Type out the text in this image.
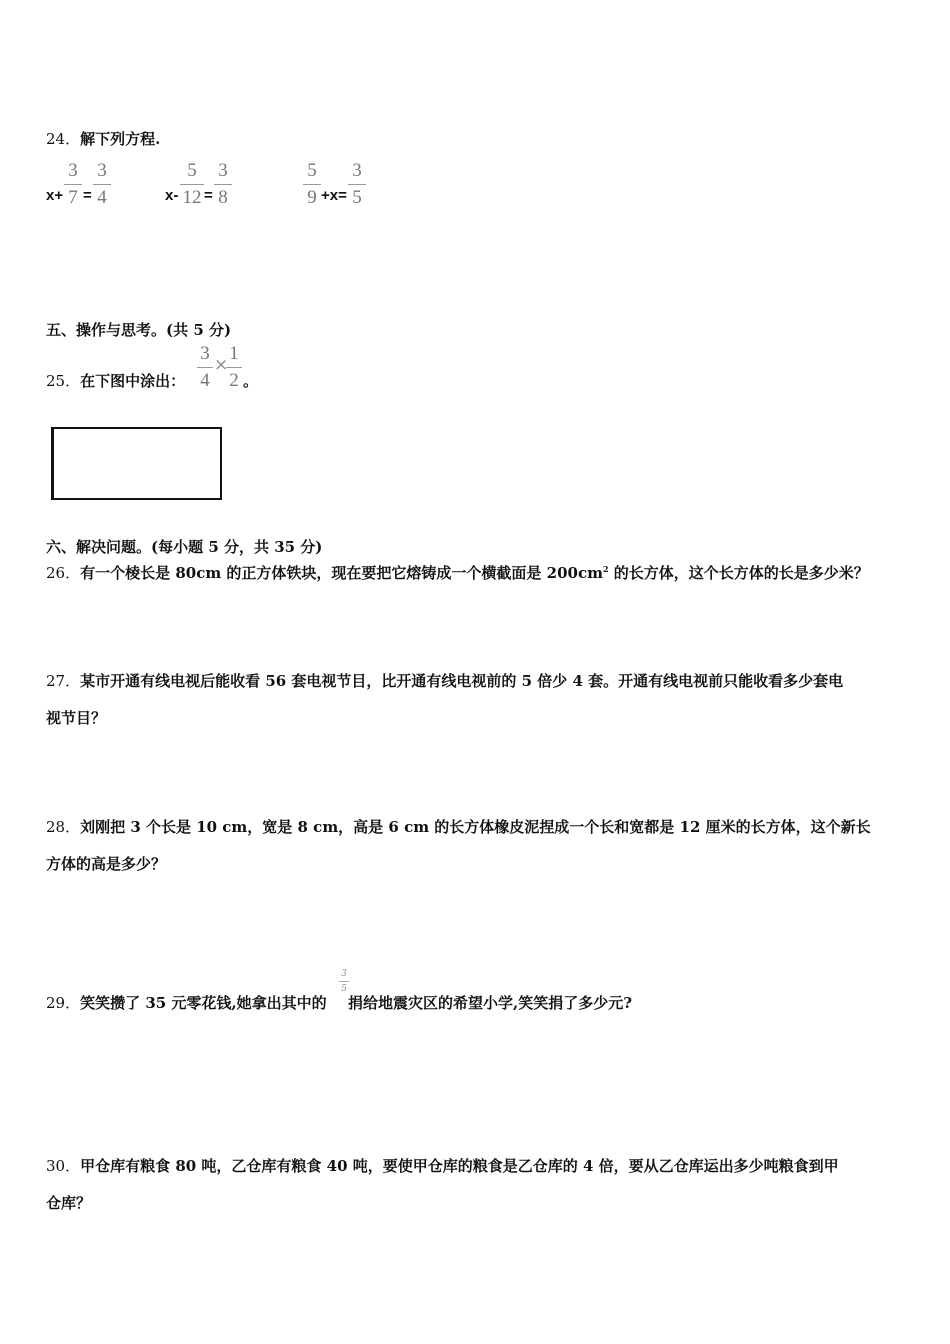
24．解下列方程.
x+
3
7 =
3
4	x-
5
12 =
3
8
5
9 +x=
3
5
五、操作与思考。(共 5 分)
25．在下图中涂出：
3
4
×
1
2 。
六、解决问题。(每小题 5 分，共 35 分)
26．有一个棱长是 80cm 的正方体铁块，现在要把它熔铸成一个横截面是 $200cm^2$ 的长方体，这个长方体的长是多少米？
27．某市开通有线电视后能收看 56 套电视节目，比开通有线电视前的 5 倍少 4 套。开通有线电视前只能收看多少套电
视节目？
28．刘刚把 3 个长是 10 cm，宽是 8 cm，高是 6 cm 的长方体橡皮泥捏成一个长和宽都是 12 厘米的长方体，这个新长
方体的高是多少？
29．笑笑攒了 35 元零花钱,她拿出其中的
3
5
捐给地震灾区的希望小学,笑笑捐了多少元?
30．甲仓库有粮食 80 吨，乙仓库有粮食 40 吨，要使甲仓库的粮食是乙仓库的 4 倍，要从乙仓库运出多少吨粮食到甲
仓库？
